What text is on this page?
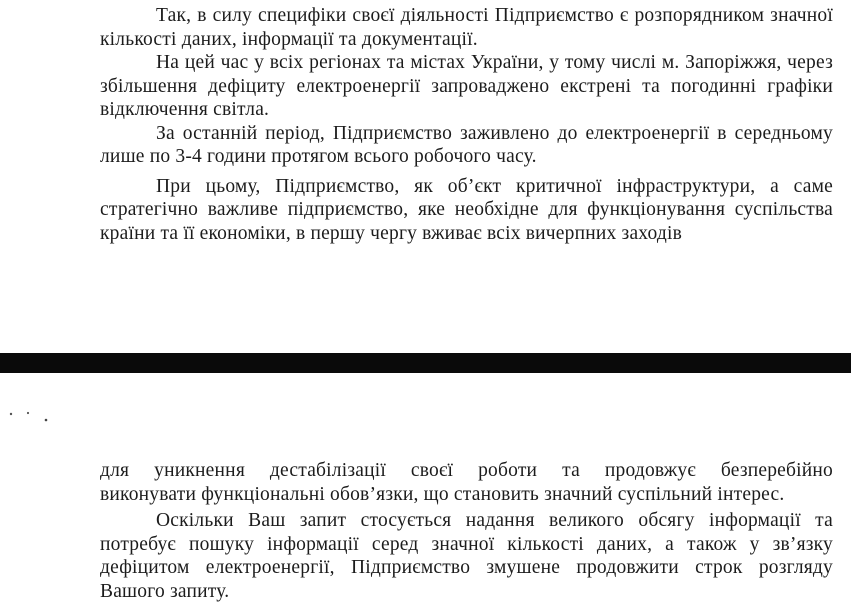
Так, в силу специфіки своєї діяльності Підприємство є розпорядником значної кількості даних, інформації та документації.

На цей час у всіх регіонах та містах України, у тому числі м. Запоріжжя, через збільшення дефіциту електроенергії запроваджено екстрені та погодинні графіки відключення світла.

За останній період, Підприємство заживлено до електроенергії в середньому лише по 3-4 години протягом всього робочого часу.

При цьому, Підприємство, як об’єкт критичної інфраструктури, а саме стратегічно важливе підприємство, яке необхідне для функціонування суспільства країни та її економіки, в першу чергу вживає всіх вичерпних заходів

для уникнення дестабілізації своєї роботи та продовжує безперебійно

виконувати функціональні обов’язки, що становить значний суспільний інтерес.

Оскільки Ваш запит стосується надання великого обсягу інформації та потребує пошуку інформації серед значної кількості даних, а також у зв’язку дефіцитом електроенергії, Підприємство змушене продовжити строк розгляду Вашого запиту.
